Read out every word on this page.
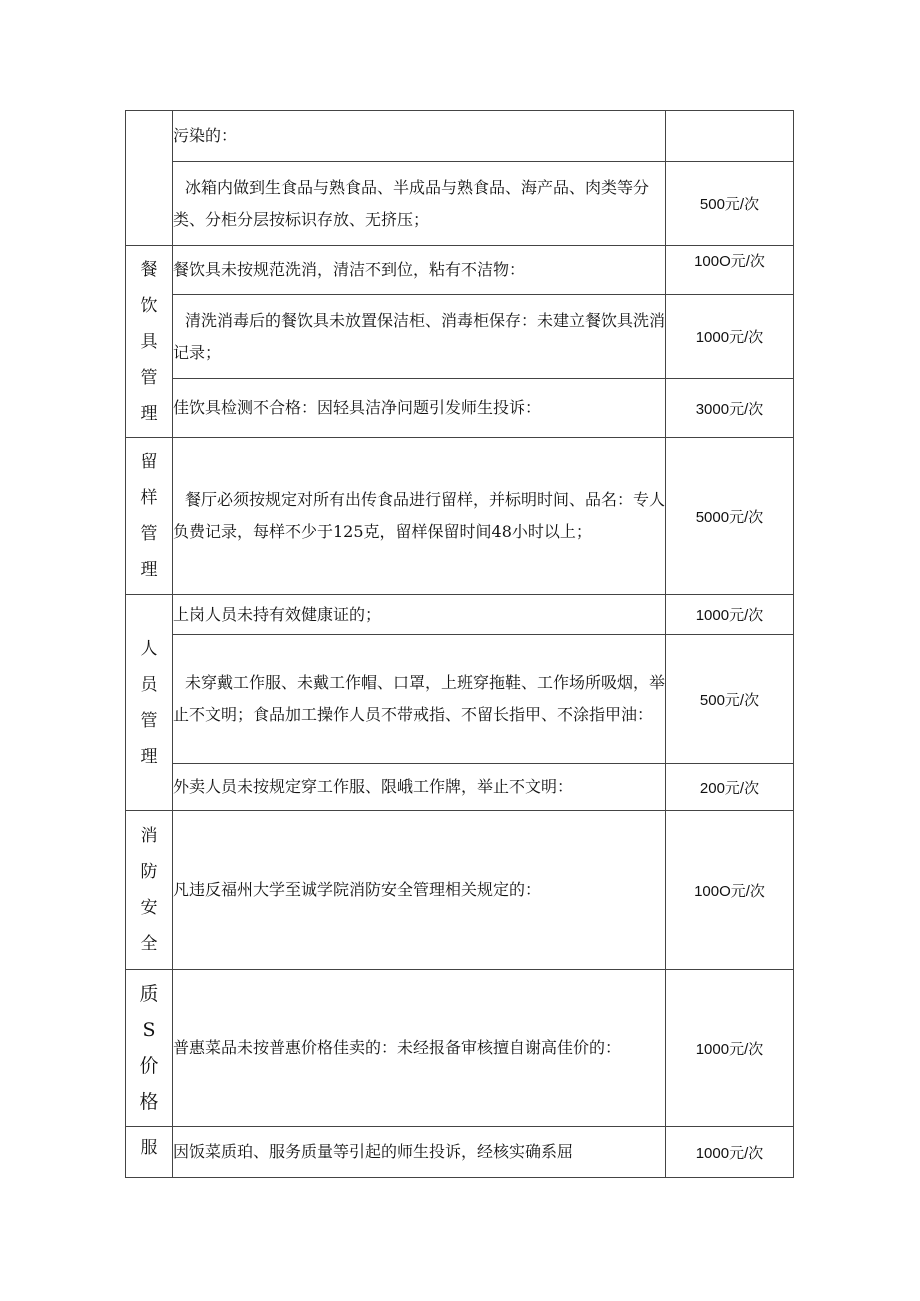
	污染的：	
	冰箱内做到生食品与熟食品、半成品与熟食品、海产品、肉类等分类、分柜分层按标识存放、无挤压；	500元/次
餐饮具管理	餐饮具未按规范洗消，清洁不到位，粘有不洁物：	100O元/次
	清洗消毒后的餐饮具未放置保洁柜、消毒柜保存：未建立餐饮具洗消记录；	1000元/次
	佳饮具检测不合格：因轻具洁净问题引发师生投诉：	3000元/次
留样管理	餐厅必须按规定对所有出传食品进行留样，并标明时间、品名：专人负费记录，每样不少于125克，留样保留时间48小时以上；	5000元/次
人员管理	上岗人员未持有效健康证的；	1000元/次
	未穿戴工作服、未戴工作帽、口罩，上班穿拖鞋、工作场所吸烟，举止不文明；食品加工操作人员不带戒指、不留长指甲、不涂指甲油：	500元/次
	外卖人员未按规定穿工作服、限峨工作牌，举止不文明：	200元/次
消防安全	凡违反福州大学至诚学院消防安全管理相关规定的：	100O元/次
质S价格	普惠菜品未按普惠价格佳卖的：未经报备审核擅自谢高佳价的：	1000元/次
服	因饭菜质珀、服务质量等引起的师生投诉，经核实确系屈	1000元/次
